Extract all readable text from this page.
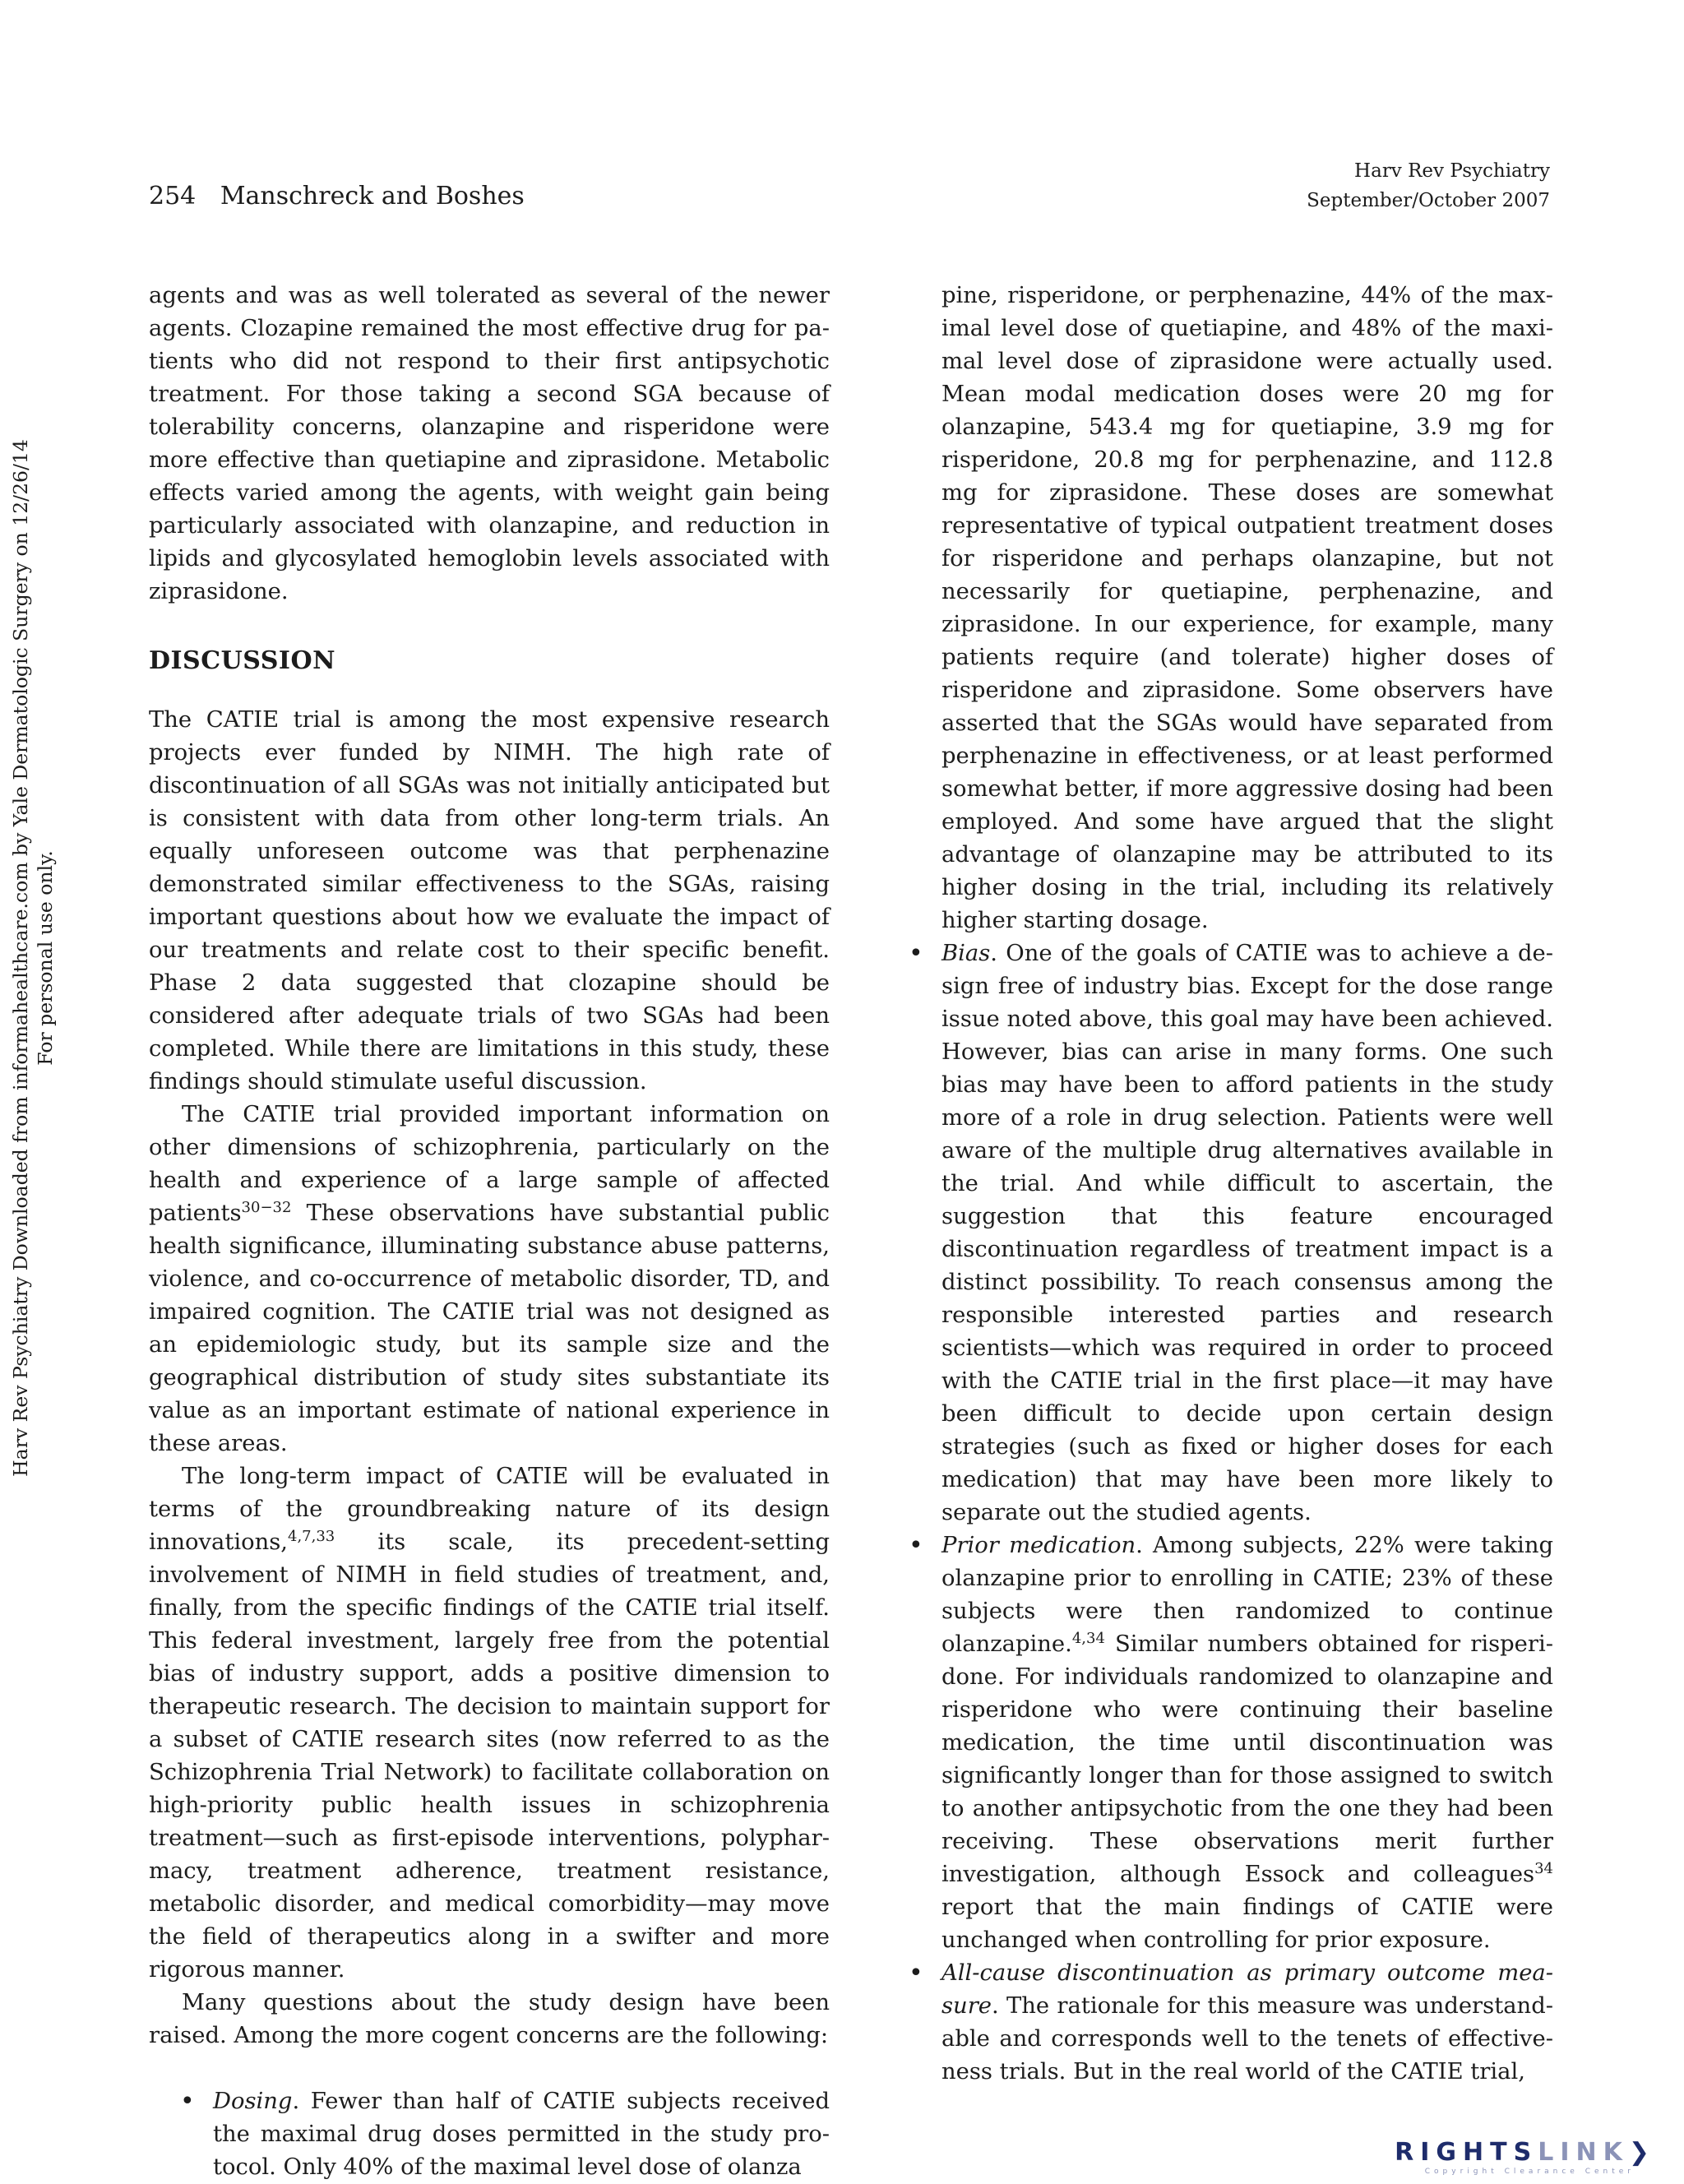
254 Manschreck and Boshes
Harv Rev Psychiatry
September/October 2007
Harv Rev Psychiatry Downloaded from informahealthcare.com by Yale Dermatologic Surgery on 12/26/14 For personal use only.

agents and was as well tolerated as several of the newer agents. Clozapine remained the most effective drug for patients who did not respond to their first antipsychotic treatment. For those taking a second SGA because of tolerability concerns, olanzapine and risperidone were more effective than quetiapine and ziprasidone. Metabolic effects varied among the agents, with weight gain being particularly associated with olanzapine, and reduction in lipids and glycosylated hemoglobin levels associated with ziprasidone.

DISCUSSION

The CATIE trial is among the most expensive research projects ever funded by NIMH. The high rate of discontinuation of all SGAs was not initially anticipated but is consistent with data from other long-term trials. An equally unforeseen outcome was that perphenazine demonstrated similar effectiveness to the SGAs, raising important questions about how we evaluate the impact of our treatments and relate cost to their specific benefit. Phase 2 data suggested that clozapine should be considered after adequate trials of two SGAs had been completed. While there are limitations in this study, these findings should stimulate useful discussion.

The CATIE trial provided important information on other dimensions of schizophrenia, particularly on the health and experience of a large sample of affected patients$^{30-32}$ These observations have substantial public health significance, illuminating substance abuse patterns, violence, and co-occurrence of metabolic disorder, TD, and impaired cognition. The CATIE trial was not designed as an epidemiologic study, but its sample size and the geographical distribution of study sites substantiate its value as an important estimate of national experience in these areas.

The long-term impact of CATIE will be evaluated in terms of the groundbreaking nature of its design innovations,$^{4,7,33}$ its scale, its precedent-setting involvement of NIMH in field studies of treatment, and, finally, from the specific findings of the CATIE trial itself. This federal investment, largely free from the potential bias of industry support, adds a positive dimension to therapeutic research. The decision to maintain support for a subset of CATIE research sites (now referred to as the Schizophrenia Trial Network) to facilitate collaboration on high-priority public health issues in schizophrenia treatment—such as first-episode interventions, polypharmacy, treatment adherence, treatment resistance, metabolic disorder, and medical comorbidity—may move the field of therapeutics along in a swifter and more rigorous manner.

Many questions about the study design have been raised. Among the more cogent concerns are the following:

• Dosing. Fewer than half of CATIE subjects received the maximal drug doses permitted in the study protocol. Only 40% of the maximal level dose of olanza

pine, risperidone, or perphenazine, 44% of the maximal level dose of quetiapine, and 48% of the maximal level dose of ziprasidone were actually used. Mean modal medication doses were 20 mg for olanzapine, 543.4 mg for quetiapine, 3.9 mg for risperidone, 20.8 mg for perphenazine, and 112.8 mg for ziprasidone. These doses are somewhat representative of typical outpatient treatment doses for risperidone and perhaps olanzapine, but not necessarily for quetiapine, perphenazine, and ziprasidone. In our experience, for example, many patients require (and tolerate) higher doses of risperidone and ziprasidone. Some observers have asserted that the SGAs would have separated from perphenazine in effectiveness, or at least performed somewhat better, if more aggressive dosing had been employed. And some have argued that the slight advantage of olanzapine may be attributed to its higher dosing in the trial, including its relatively higher starting dosage.

• Bias. One of the goals of CATIE was to achieve a design free of industry bias. Except for the dose range issue noted above, this goal may have been achieved. However, bias can arise in many forms. One such bias may have been to afford patients in the study more of a role in drug selection. Patients were well aware of the multiple drug alternatives available in the trial. And while difficult to ascertain, the suggestion that this feature encouraged discontinuation regardless of treatment impact is a distinct possibility. To reach consensus among the responsible interested parties and research scientists—which was required in order to proceed with the CATIE trial in the first place—it may have been difficult to decide upon certain design strategies (such as fixed or higher doses for each medication) that may have been more likely to separate out the studied agents.
• Prior medication. Among subjects, 22% were taking olanzapine prior to enrolling in CATIE; 23% of these subjects were then randomized to continue olanzapine.$^{4,34}$ Similar numbers obtained for risperidone. For individuals randomized to olanzapine and risperidone who were continuing their baseline medication, the time until discontinuation was significantly longer than for those assigned to switch to another antipsychotic from the one they had been receiving. These observations merit further investigation, although Essock and colleagues$^{34}$ report that the main findings of CATIE were unchanged when controlling for prior exposure.
• All-cause discontinuation as primary outcome measure. The rationale for this measure was understandable and corresponds well to the tenets of effectiveness trials. But in the real world of the CATIE trial,
RIGHTSLINK❯
Copyright Clearance Center
